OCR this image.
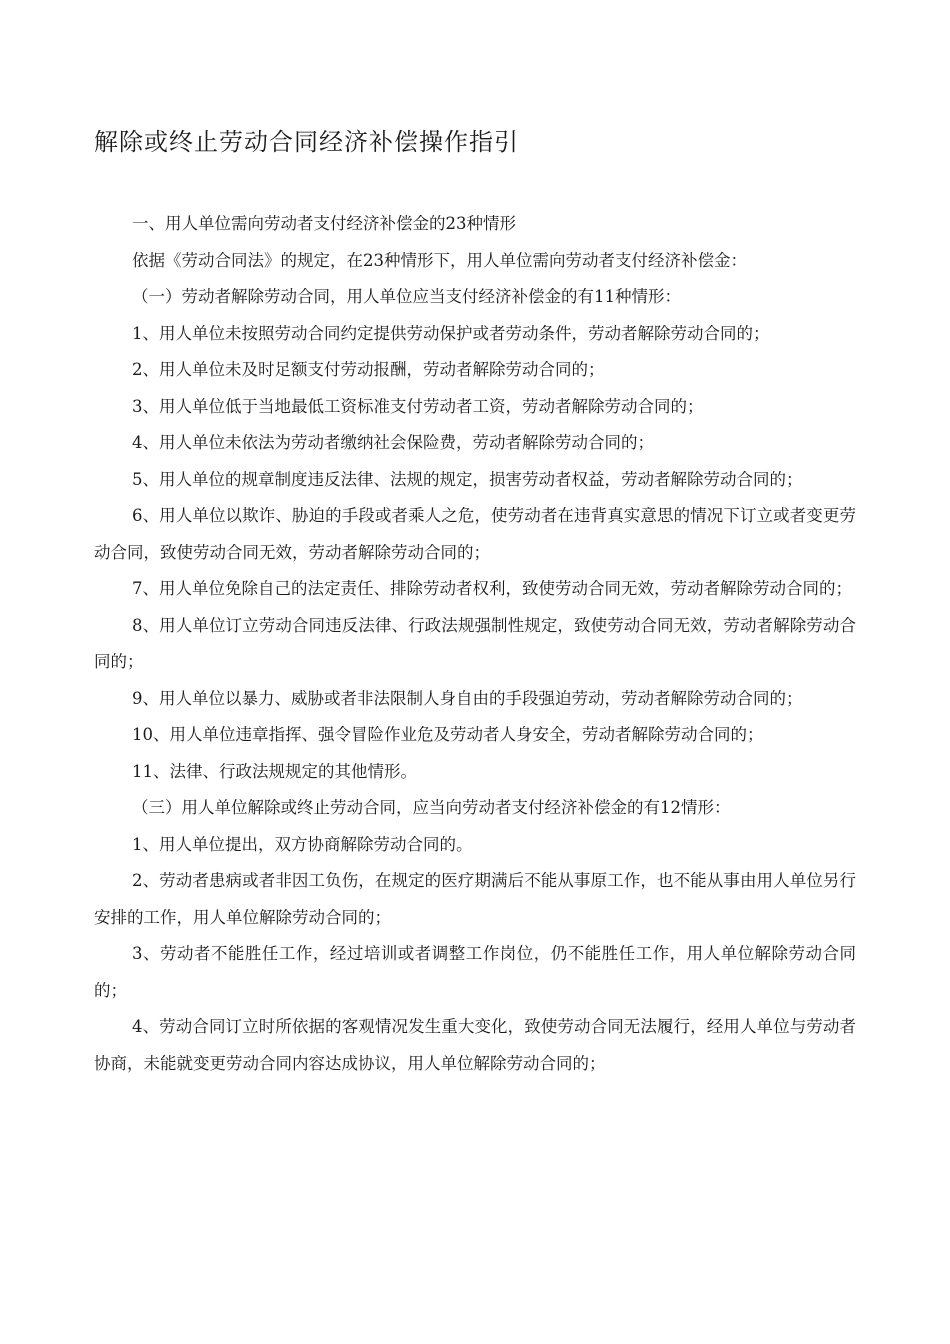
解除或终止劳动合同经济补偿操作指引

一、用人单位需向劳动者支付经济补偿金的23种情形

依据《劳动合同法》的规定，在23种情形下，用人单位需向劳动者支付经济补偿金：

（一）劳动者解除劳动合同，用人单位应当支付经济补偿金的有11种情形：

1、用人单位未按照劳动合同约定提供劳动保护或者劳动条件，劳动者解除劳动合同的；

2、用人单位未及时足额支付劳动报酬，劳动者解除劳动合同的；

3、用人单位低于当地最低工资标准支付劳动者工资，劳动者解除劳动合同的；

4、用人单位未依法为劳动者缴纳社会保险费，劳动者解除劳动合同的；

5、用人单位的规章制度违反法律、法规的规定，损害劳动者权益，劳动者解除劳动合同的；

6、用人单位以欺诈、胁迫的手段或者乘人之危，使劳动者在违背真实意思的情况下订立或者变更劳动合同，致使劳动合同无效，劳动者解除劳动合同的；

7、用人单位免除自己的法定责任、排除劳动者权利，致使劳动合同无效，劳动者解除劳动合同的；

8、用人单位订立劳动合同违反法律、行政法规强制性规定，致使劳动合同无效，劳动者解除劳动合同的；

9、用人单位以暴力、威胁或者非法限制人身自由的手段强迫劳动，劳动者解除劳动合同的；

10、用人单位违章指挥、强令冒险作业危及劳动者人身安全，劳动者解除劳动合同的；

11、法律、行政法规规定的其他情形。

（三）用人单位解除或终止劳动合同，应当向劳动者支付经济补偿金的有12情形：

1、用人单位提出，双方协商解除劳动合同的。

2、劳动者患病或者非因工负伤，在规定的医疗期满后不能从事原工作，也不能从事由用人单位另行安排的工作，用人单位解除劳动合同的；

3、劳动者不能胜任工作，经过培训或者调整工作岗位，仍不能胜任工作，用人单位解除劳动合同的；

4、劳动合同订立时所依据的客观情况发生重大变化，致使劳动合同无法履行，经用人单位与劳动者协商，未能就变更劳动合同内容达成协议，用人单位解除劳动合同的；
